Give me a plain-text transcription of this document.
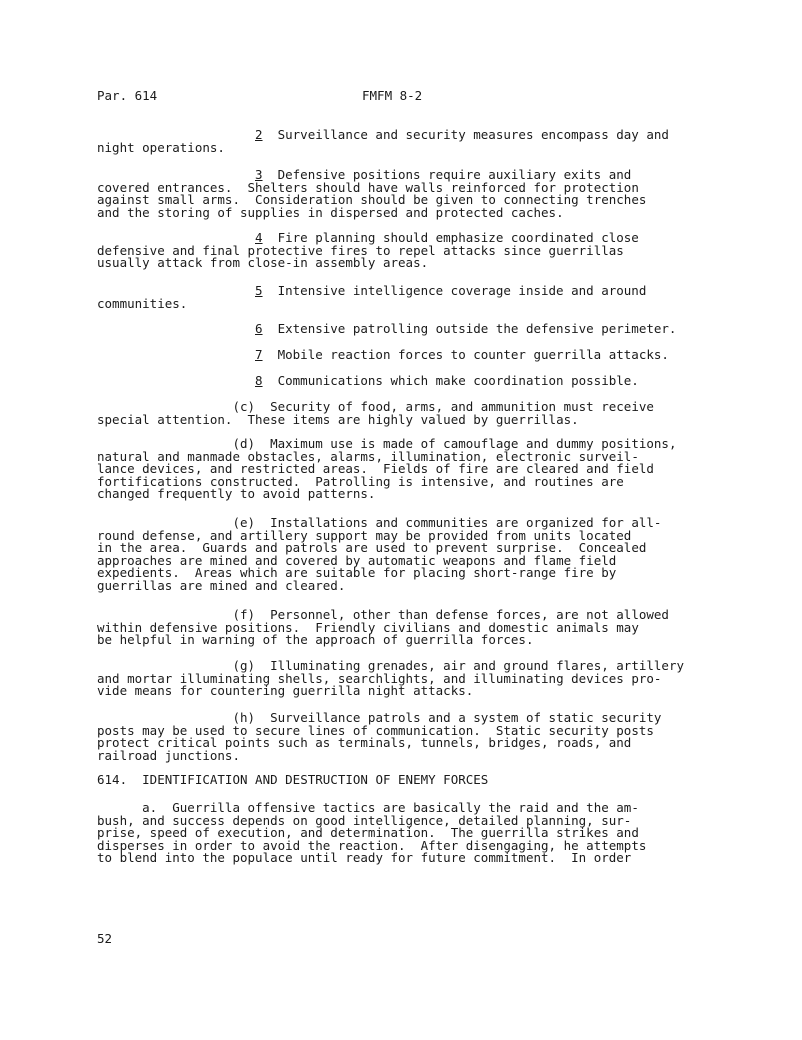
Par. 614	FMFM 8-2
2 Surveillance and security measures encompass day and
night operations.
3 Defensive positions require auxiliary exits and
covered entrances.  Shelters should have walls reinforced for protection
against small arms.  Consideration should be given to connecting trenches
and the storing of supplies in dispersed and protected caches.
4 Fire planning should emphasize coordinated close
defensive and final protective fires to repel attacks since guerrillas
usually attack from close-in assembly areas.
5 Intensive intelligence coverage inside and around
communities.
6 Extensive patrolling outside the defensive perimeter.
7 Mobile reaction forces to counter guerrilla attacks.
8 Communications which make coordination possible.
(c)  Security of food, arms, and ammunition must receive
special attention.  These items are highly valued by guerrillas.
(d)  Maximum use is made of camouflage and dummy positions,
natural and manmade obstacles, alarms, illumination, electronic surveil-
lance devices, and restricted areas.  Fields of fire are cleared and field
fortifications constructed.  Patrolling is intensive, and routines are
changed frequently to avoid patterns.
(e)  Installations and communities are organized for all-
round defense, and artillery support may be provided from units located
in the area.  Guards and patrols are used to prevent surprise.  Concealed
approaches are mined and covered by automatic weapons and flame field
expedients.  Areas which are suitable for placing short-range fire by
guerrillas are mined and cleared.
(f)  Personnel, other than defense forces, are not allowed
within defensive positions.  Friendly civilians and domestic animals may
be helpful in warning of the approach of guerrilla forces.
(g)  Illuminating grenades, air and ground flares, artillery
and mortar illuminating shells, searchlights, and illuminating devices pro-
vide means for countering guerrilla night attacks.
(h)  Surveillance patrols and a system of static security
posts may be used to secure lines of communication.  Static security posts
protect critical points such as terminals, tunnels, bridges, roads, and
railroad junctions.
614.  IDENTIFICATION AND DESTRUCTION OF ENEMY FORCES
a.  Guerrilla offensive tactics are basically the raid and the am-
bush, and success depends on good intelligence, detailed planning, sur-
prise, speed of execution, and determination.  The guerrilla strikes and
disperses in order to avoid the reaction.  After disengaging, he attempts
to blend into the populace until ready for future commitment.  In order
52
